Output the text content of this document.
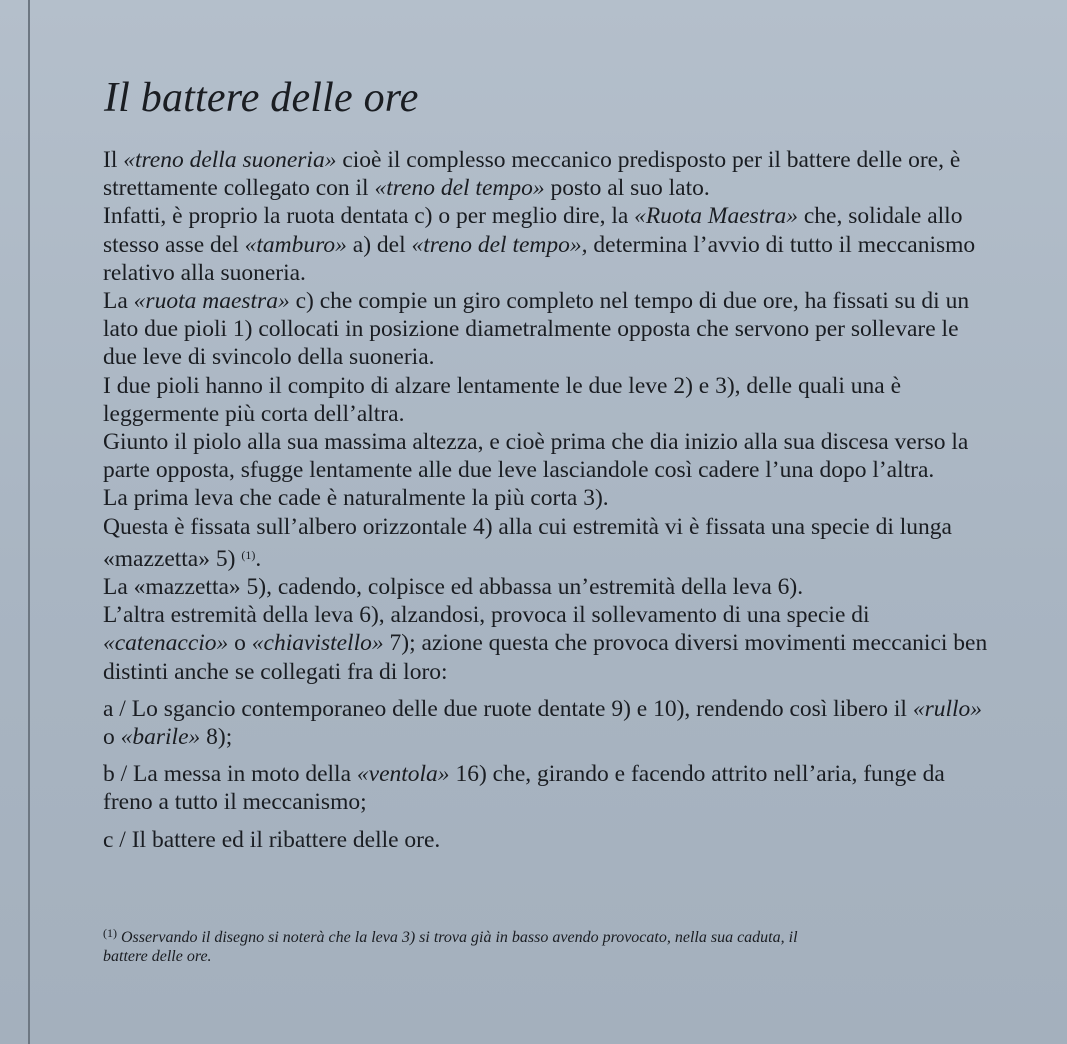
Il battere delle ore

Il «treno della suoneria» cioè il complesso meccanico predisposto per il battere delle ore, è strettamente collegato con il «treno del tempo» posto al suo lato.

Infatti, è proprio la ruota dentata c) o per meglio dire, la «Ruota Maestra» che, solidale allo stesso asse del «tamburo» a) del «treno del tempo», determina l’avvio di tutto il meccanismo relativo alla suoneria.

La «ruota maestra» c) che compie un giro completo nel tempo di due ore, ha fissati su di un lato due pioli 1) collocati in posizione diametralmente opposta che servono per sollevare le due leve di svincolo della suoneria.

I due pioli hanno il compito di alzare lentamente le due leve 2) e 3), delle quali una è leggermente più corta dell’altra.

Giunto il piolo alla sua massima altezza, e cioè prima che dia inizio alla sua discesa verso la parte opposta, sfugge lentamente alle due leve lasciandole così cadere l’una dopo l’altra.

La prima leva che cade è naturalmente la più corta 3).

Questa è fissata sull’albero orizzontale 4) alla cui estremità vi è fissata una specie di lunga «mazzetta» 5) $^{(1)}$.

La «mazzetta» 5), cadendo, colpisce ed abbassa un’estremità della leva 6).

L’altra estremità della leva 6), alzandosi, provoca il sollevamento di una specie di «catenaccio» o «chiavistello» 7); azione questa che provoca diversi movimenti meccanici ben distinti anche se collegati fra di loro:

a / Lo sgancio contemporaneo delle due ruote dentate 9) e 10), rendendo così libero il «rullo» o «barile» 8);

b / La messa in moto della «ventola» 16) che, girando e facendo attrito nell’aria, funge da freno a tutto il meccanismo;

c / Il battere ed il ribattere delle ore.

$^{(1)}$ Osservando il disegno si noterà che la leva 3) si trova già in basso avendo provocato, nella sua caduta, il battere delle ore.
